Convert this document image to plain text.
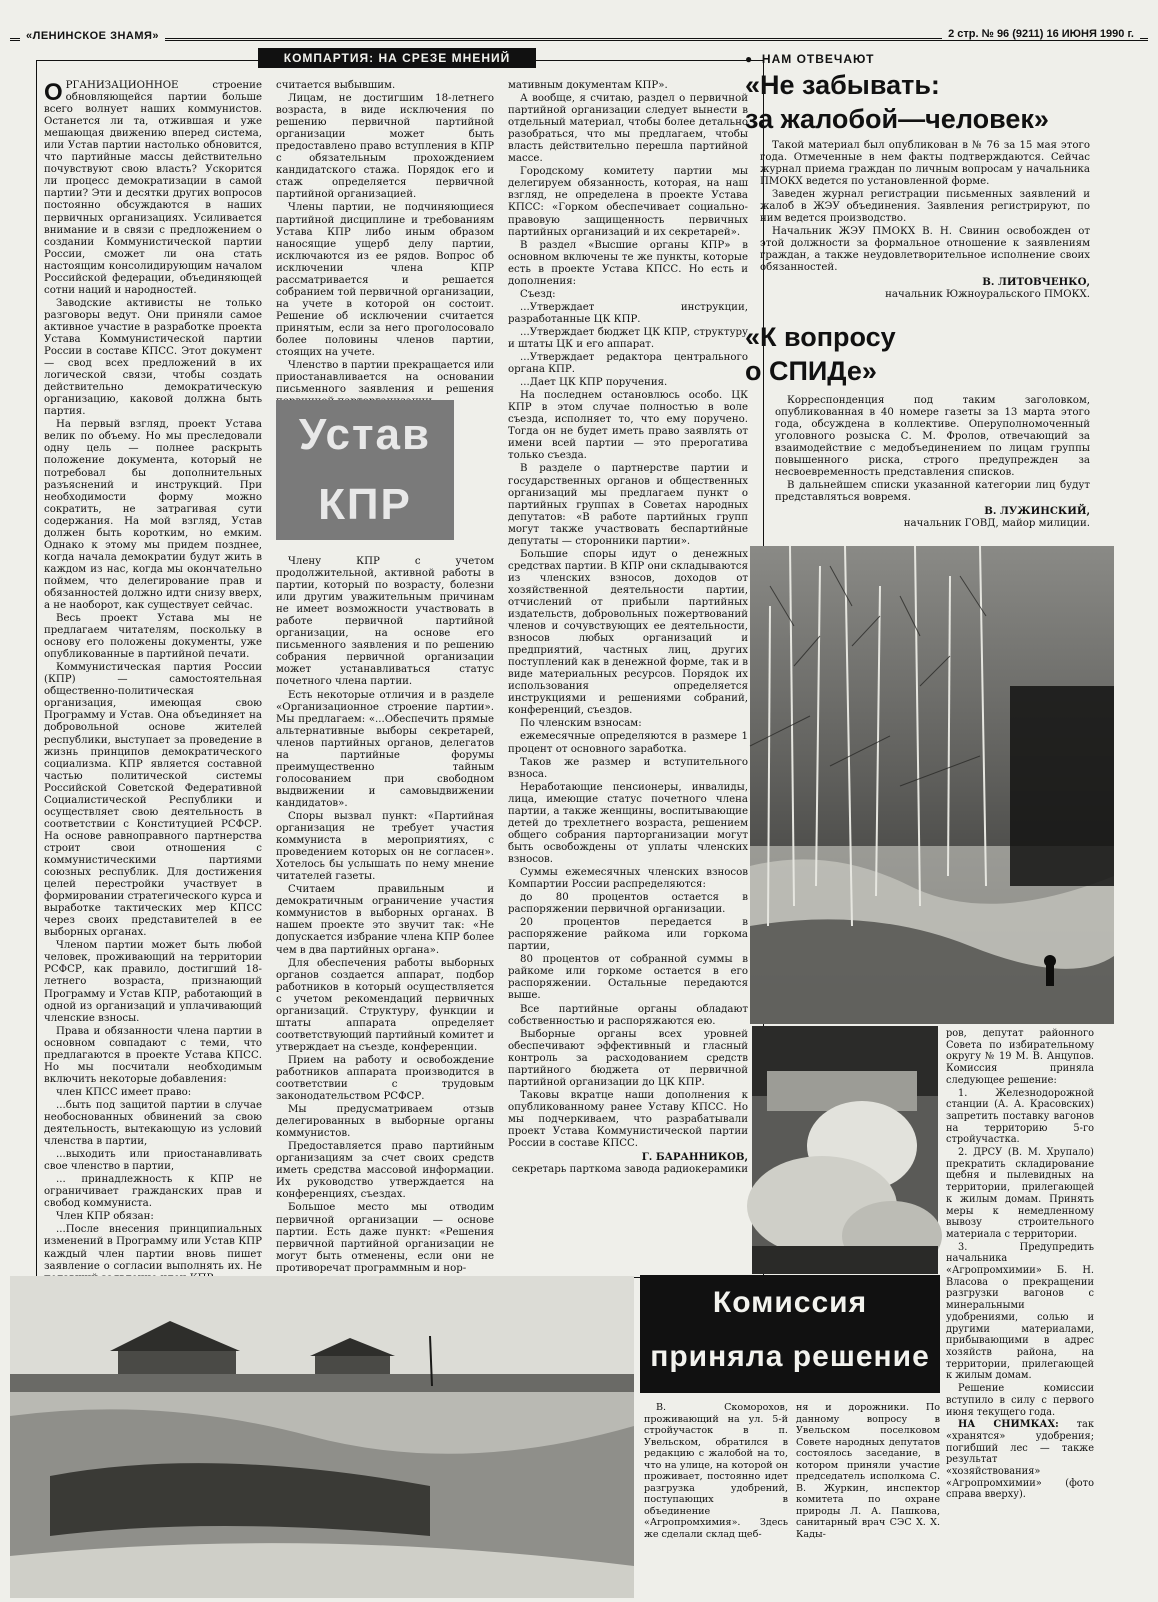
«ЛЕНИНСКОЕ ЗНАМЯ»	2 стр. № 96 (9211) 16 ИЮНЯ 1990 г.
КОМПАРТИЯ: НА СРЕЗЕ МНЕНИЙ

ОРГАНИЗАЦИОННОЕ строение обновляющейся партии больше всего волнует наших коммунистов. Останется ли та, отжившая и уже мешающая движению вперед система, или Устав партии настолько обновится, что партийные массы действительно почувствуют свою власть? Ускорится ли процесс демократизации в самой партии? Эти и десятки других вопросов постоянно обсуждаются в наших первичных организациях. Усиливается внимание и в связи с предложением о создании Коммунистической партии России, сможет ли она стать настоящим консолидирующим началом Российской федерации, объединяющей сотни наций и народностей.

Заводские активисты не только разговоры ведут. Они приняли самое активное участие в разработке проекта Устава Коммунистической партии России в составе КПСС. Этот документ — свод всех предложений в их логической связи, чтобы создать действительно демократическую организацию, каковой должна быть партия.

На первый взгляд, проект Устава велик по объему. Но мы преследовали одну цель — полнее раскрыть положение документа, который не потребовал бы дополнительных разъяснений и инструкций. При необходимости форму можно сократить, не затрагивая сути содержания. На мой взгляд, Устав должен быть коротким, но емким. Однако к этому мы придем позднее, когда начала демократии будут жить в каждом из нас, когда мы окончательно поймем, что делегирование прав и обязанностей должно идти снизу вверх, а не наоборот, как существует сейчас.

Весь проект Устава мы не предлагаем читателям, поскольку в основу его положены документы, уже опубликованные в партийной печати.

Коммунистическая партия России (КПР) — самостоятельная общественно-политическая организация, имеющая свою Программу и Устав. Она объединяет на добровольной основе жителей республики, выступает за проведение в жизнь принципов демократического социализма. КПР является составной частью политической системы Российской Советской Федеративной Социалистической Республики и осуществляет свою деятельность в соответствии с Конституцией РСФСР. На основе равноправного партнерства строит свои отношения с коммунистическими партиями союзных республик. Для достижения целей перестройки участвует в формировании стратегического курса и выработке тактических мер КПСС через своих представителей в ее выборных органах.

Членом партии может быть любой человек, проживающий на территории РСФСР, как правило, достигший 18-летнего возраста, признающий Программу и Устав КПР, работающий в одной из организаций и уплачивающий членские взносы.

Права и обязанности члена партии в основном совпадают с теми, что предлагаются в проекте Устава КПСС. Но мы посчитали необходимым включить некоторые добавления:

член КПСС имеет право:

...быть под защитой партии в случае необоснованных обвинений за свою деятельность, вытекающую из условий членства в партии,

...выходить или приостанавливать свое членство в партии,

... принадлежность к КПР не ограничивает гражданских прав и свобод коммуниста.

Член КПР обязан:

...После внесения принципиальных изменений в Программу или Устав КПР каждый член партии вновь пишет заявление о согласии выполнять их. Не

считается выбывшим.

Лицам, не достигшим 18-летнего возраста, в виде исключения по решению первичной партийной организации может быть предоставлено право вступления в КПР с обязательным прохождением кандидатского стажа. Порядок его и стаж определяется первичной партийной организацией.

Члены партии, не подчиняющиеся партийной дисциплине и требованиям Устава КПР либо иным образом наносящие ущерб делу партии, исключаются из ее рядов. Вопрос об исключении члена КПР рассматривается и решается собранием той первичной организации, на учете в которой он состоит. Решение об исключении считается принятым, если за него проголосовало более половины членов партии, стоящих на учете.

Членство в партии прекращается или приостанавливается на основании письменного заявления и решения

Устав
КПР

Члену КПР с учетом продолжительной, активной работы в партии, который по возрасту, болезни или другим уважительным причинам не имеет возможности участвовать в работе первичной партийной организации, на основе его письменного заявления и по решению собрания первичной организации может устанавливаться статус почетного члена партии.

Есть некоторые отличия и в разделе «Организационное строение партии». Мы предлагаем: «...Обеспечить прямые альтернативные выборы секретарей, членов партийных органов, делегатов на партийные форумы преимущественно тайным голосованием при свободном выдвижении и самовыдвижении кандидатов».

Споры вызвал пункт: «Партийная организация не требует участия коммуниста в мероприятиях, с проведением которых он не согласен». Хотелось бы услышать по нему мнение читателей газеты.

Считаем правильным и демократичным ограничение участия коммунистов в выборных органах. В нашем проекте это звучит так: «Не допускается избрание члена КПР более чем в два партийных органа».

Для обеспечения работы выборных органов создается аппарат, подбор работников в который осуществляется с учетом рекомендаций первичных организаций. Структуру, функции и штаты аппарата определяет соответствующий партийный комитет и утверждает на съезде, конференции.

Прием на работу и освобождение работников аппарата производится в соответствии с трудовым законодательством РСФСР.

Мы предусматриваем отзыв делегированных в выборные органы коммунистов.

Предоставляется право партийным организациям за счет своих средств иметь средства массовой информации. Их руководство утверждается на конференциях, съездах.

Большое место мы отводим первичной организации — основе партии. Есть даже пункт: «Решения первичной партийной организации не могут быть отменены, если они не противоречат программным и нор-

мативным документам КПР».

А вообще, я считаю, раздел о первичной партийной организации следует вынести в отдельный материал, чтобы более детально разобраться, что мы предлагаем, чтобы власть действительно перешла партийной массе.

Городскому комитету партии мы делегируем обязанность, которая, на наш взгляд, не определена в проекте Устава КПСС: «Горком обеспечивает социально-правовую защищенность первичных партийных организаций и их секретарей».

В раздел «Высшие органы КПР» в основном включены те же пункты, которые есть в проекте Устава КПСС. Но есть и дополнения:

Съезд:

...Утверждает инструкции, разработанные ЦК КПР.

...Утверждает бюджет ЦК КПР, структуру и штаты ЦК и его аппарат.

...Утверждает редактора центрального органа КПР.

...Дает ЦК КПР поручения.

На последнем остановлюсь особо. ЦК КПР в этом случае полностью в воле съезда, исполняет то, что ему поручено. Тогда он не будет иметь право заявлять от имени всей партии — это прерогатива только съезда.

В разделе о партнерстве партии и государственных органов и общественных организаций мы предлагаем пункт о партийных группах в Советах народных депутатов: «В работе партийных групп могут также участвовать беспартийные депутаты — сторонники партии».

Большие споры идут о денежных средствах партии. В КПР они складываются из членских взносов, доходов от хозяйственной деятельности партии, отчислений от прибыли партийных издательств, добровольных пожертвований членов и сочувствующих ее деятельности, взносов любых организаций и предприятий, частных лиц, других поступлений как в денежной форме, так и в виде материальных ресурсов. Порядок их использования определяется инструкциями и решениями собраний, конференций, съездов.

По членским взносам:

ежемесячные определяются в размере 1 процент от основного заработка.

Таков же размер и вступительного взноса.

Неработающие пенсионеры, инвалиды, лица, имеющие статус почетного члена партии, а также женщины, воспитывающие детей до трехлетнего возраста, решением общего собрания парторганизации могут быть освобождены от уплаты членских взносов.

Суммы ежемесячных членских взносов Компартии России распределяются:

до 80 процентов остается в распоряжении первичной организации.

20 процентов передается в распоряжение райкома или горкома партии,

80 процентов от собранной суммы в райкоме или горкоме остается в его распоряжении. Остальные передаются выше.

Все партийные органы обладают собственностью и распоряжаются ею.

Выборные органы всех уровней обеспечивают эффективный и гласный контроль за расходованием средств партийного бюджета от первичной партийной организации до ЦК КПР.

Таковы вкратце наши дополнения к опубликованному ранее Уставу КПСС. Но мы подчеркиваем, что разрабатывали проект Устава Коммунистической партии России в составе КПСС.

Г. БАРАННИКОВ,

секретарь парткома завода радиокерамики

● НАМ ОТВЕЧАЮТ
«Не забывать:
за жалобой—человек»

Такой материал был опубликован в № 76 за 15 мая этого года. Отмеченные в нем факты подтверждаются. Сейчас журнал приема граждан по личным вопросам у начальника ПМОКХ ведется по установленной форме.

Заведен журнал регистрации письменных заявлений и жалоб в ЖЭУ объединения. Заявления регистрируют, по ним ведется производство.

Начальник ЖЭУ ПМОКХ В. Н. Свинин освобожден от этой должности за формальное отношение к заявлениям граждан, а также неудовлетворительное исполнение своих обязанностей.

В. ЛИТОВЧЕНКО,

начальник Южноуральского ПМОКХ.

«К вопросу
о СПИДе»

Корреспонденция под таким заголовком, опубликованная в 40 номере газеты за 13 марта этого года, обсуждена в коллективе. Оперуполномоченный уголовного розыска С. М. Фролов, отвечающий за взаимодействие с медобъединением по лицам группы повышенного риска, строго предупрежден за несвоевременность представления списков.

В дальнейшем списки указанной категории лиц будут представляться вовремя.

В. ЛУЖИНСКИЙ,

начальник ГОВД, майор милиции.

Комиссия
приняла решение

В. Скоморохов, проживающий на ул. 5-й стройучасток в п. Увельском, обратился в редакцию с жалобой на то, что на улице, на которой он проживает, постоянно идет разгрузка удобрений, поступающих в объединение «Агропромхимия». Здесь же сделали склад щеб-

ня и дорожники. По данному вопросу в Увельском поселковом Совете народных депутатов состоялось заседание, в котором приняли участие председатель исполкома С. В. Журкин, инспектор комитета по охране природы Л. А. Пашкова, санитарный врач СЭС Х. Х. Кады-

ров, депутат районного Совета по избирательному округу № 19 М. В. Анцупов. Комиссия приняла следующее решение:

1. Железнодорожной станции (А. А. Красовских) запретить поставку вагонов на территорию 5-го стройучастка.

2. ДРСУ (В. М. Хрупало) прекратить складирование щебня и пылевидных на территории, прилегающей к жилым домам. Принять меры к немедленному вывозу строительного материала с территории.

3. Предупредить начальника «Агропромхимии» Б. Н. Власова о прекращении разгрузки вагонов с минеральными удобрениями, солью и другими материалами, прибывающими в адрес хозяйств района, на территории, прилегающей к жилым домам.

Решение комиссии вступило в силу с первого июня текущего года.

НА СНИМКАХ: так «хранятся» удобрения; погибший лес — также результат «хозяйствования» «Агропромхимии» (фото справа вверху).
